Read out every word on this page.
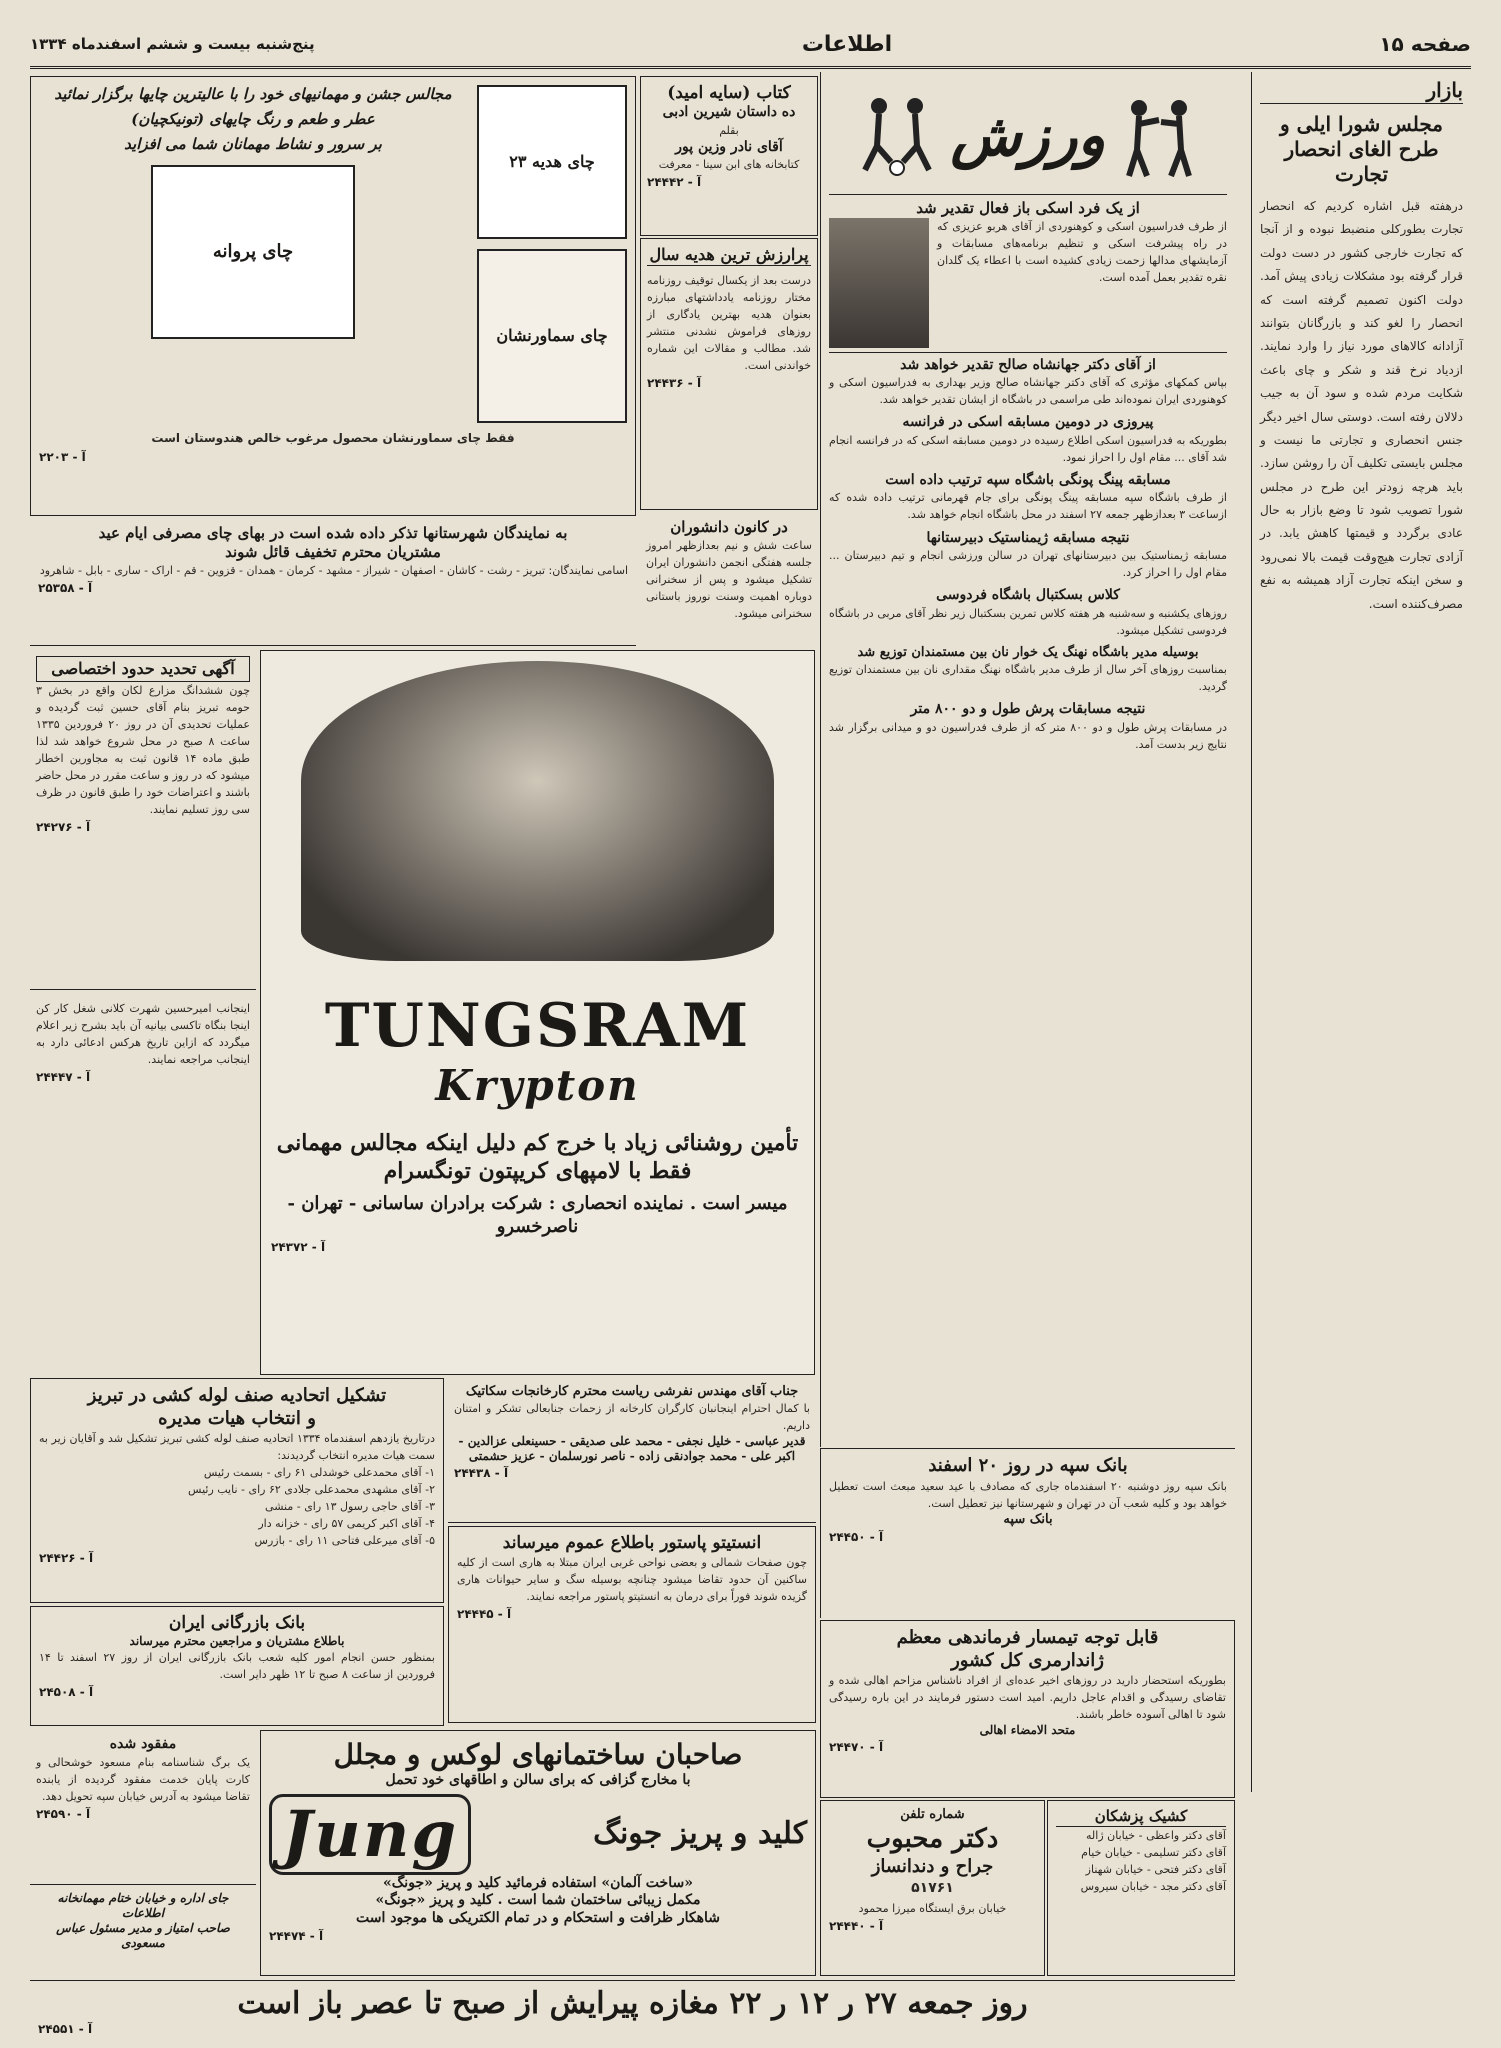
صفحه ۱۵
اطلاعات
پنج‌شنبه بیست و ششم اسفندماه ۱۳۳۴
بازار
مجلس شورا ایلی و طرح الغای انحصار تجارت
درهفته قبل اشاره کردیم که انحصار تجارت بطورکلی منضبط نبوده و از آنجا که تجارت خارجی کشور در دست دولت قرار گرفته بود مشکلات زیادی پیش آمد. دولت اکنون تصمیم گرفته است که انحصار را لغو کند و بازرگانان بتوانند آزادانه کالاهای مورد نیاز را وارد نمایند. ازدیاد نرخ قند و شکر و چای باعث شکایت مردم شده و سود آن به جیب دلالان رفته است. دوستی سال اخیر دیگر جنس انحصاری و تجارتی ما نیست و مجلس بایستی تکلیف آن را روشن سازد. باید هرچه زودتر این طرح در مجلس شورا تصویب شود تا وضع بازار به حال عادی برگردد و قیمتها کاهش یابد. در آزادی تجارت هیچ‌وقت قیمت بالا نمی‌رود و سخن اینکه تجارت آزاد همیشه به نفع مصرف‌کننده است.
ورزش
از یک فرد اسکی باز فعال تقدیر شد
از طرف فدراسیون اسکی و کوهنوردی از آقای هربو عزیزی که در راه پیشرفت اسکی و تنظیم برنامه‌های مسابقات و آزمایشهای مدالها زحمت زیادی کشیده است با اعطاء یک گلدان نقره تقدیر بعمل آمده است.
از آقای دکتر جهانشاه صالح تقدیر خواهد شد
بپاس کمکهای مؤثری که آقای دکتر جهانشاه صالح وزیر بهداری به فدراسیون اسکی و کوهنوردی ایران نموده‌اند طی مراسمی در باشگاه از ایشان تقدیر خواهد شد.
پیروزی در دومین مسابقه اسکی در فرانسه
بطوریکه به فدراسیون اسکی اطلاع رسیده در دومین مسابقه اسکی که در فرانسه انجام شد آقای ... مقام اول را احراز نمود.
مسابقه پینگ پونگی باشگاه سپه ترتیب داده است
از طرف باشگاه سپه مسابقه پینگ پونگی برای جام قهرمانی ترتیب داده شده که ازساعت ۳ بعدازظهر جمعه ۲۷ اسفند در محل باشگاه انجام خواهد شد.
نتیجه مسابقه ژیمناستیک دبیرستانها
مسابقه ژیمناستیک بین دبیرستانهای تهران در سالن ورزشی انجام و تیم دبیرستان ... مقام اول را احراز کرد.
کلاس بسکتبال باشگاه فردوسی
روزهای یکشنبه و سه‌شنبه هر هفته کلاس تمرین بسکتبال زیر نظر آقای مربی در باشگاه فردوسی تشکیل میشود.
بوسیله مدیر باشگاه نهنگ یک خوار نان بین مستمندان توزیع شد
بمناسبت روزهای آخر سال از طرف مدیر باشگاه نهنگ مقداری نان بین مستمندان توزیع گردید.
نتیجه مسابقات پرش طول و دو ۸۰۰ متر
در مسابقات پرش طول و دو ۸۰۰ متر که از طرف فدراسیون دو و میدانی برگزار شد نتایج زیر بدست آمد.
بانک سپه در روز ۲۰ اسفند
بانک سپه روز دوشنبه ۲۰ اسفندماه جاری که مصادف با عید سعید مبعث است تعطیل خواهد بود و کلیه شعب آن در تهران و شهرستانها نیز تعطیل است.
بانک سپه
آ - ۲۴۴۵۰
قابل توجه تیمسار فرماندهی معظم
ژاندارمری کل کشور
بطوریکه استحضار دارید در روزهای اخیر عده‌ای از افراد ناشناس مزاحم اهالی شده و تقاضای رسیدگی و اقدام عاجل داریم. امید است دستور فرمایند در این باره رسیدگی شود تا اهالی آسوده خاطر باشند.
متحد الامضاء اهالی
آ - ۲۴۴۷۰
شماره تلفن
دکتر محبوب
جراح و دندانساز
۵۱۷۶۱
خیابان برق ایستگاه میرزا محمود
آ - ۲۴۴۴۰
کشیک پزشکان
آقای دکتر واعظی - خیابان ژاله
آقای دکتر تسلیمی - خیابان خیام
آقای دکتر فتحی - خیابان شهناز
آقای دکتر مجد - خیابان سیروس
کتاب (سایه امید)
ده داستان شیرین ادبی
بقلم
آقای نادر وزین پور
کتابخانه های ابن سینا - معرفت
آ - ۲۴۴۴۲
پرارزش ترین هدیه سال
درست بعد از یکسال توقیف روزنامه مختار روزنامه یادداشتهای مبارزه بعنوان هدیه بهترین یادگاری از روزهای فراموش نشدنی منتشر شد. مطالب و مقالات این شماره خواندنی است.
آ - ۲۴۴۳۶
در کانون دانشوران
ساعت شش و نیم بعدازظهر امروز جلسه هفتگی انجمن دانشوران ایران تشکیل میشود و پس از سخنرانی دوباره اهمیت وسنت نوروز باستانی سخنرانی میشود.
چای هدیه ۲۳
چای سماورنشان
مجالس جشن و مهمانیهای خود را با عالیترین چایها برگزار نمائید
عطر و طعم و رنگ چایهای (تونیکچیان)
بر سرور و نشاط مهمانان شما می افزاید
چای پروانه
فقط چای سماورنشان محصول مرغوب خالص هندوستان است
آ - ۲۲۰۳
به نمایندگان شهرستانها تذکر داده شده است در بهای چای مصرفی ایام عید
مشتریان محترم تخفیف قائل شوند
اسامی نمایندگان: تبریز - رشت - کاشان - اصفهان - شیراز - مشهد - کرمان - همدان - قزوین - قم - اراک - ساری - بابل - شاهرود
آ - ۲۵۳۵۸
TUNGSRAM
Krypton
تأمین روشنائی زیاد با خرج کم دلیل اینکه مجالس مهمانی فقط با لامپهای کریپتون تونگسرام
میسر است . نماینده انحصاری : شرکت برادران ساسانی - تهران - ناصرخسرو
آ - ۲۴۳۷۲
آگهی تحدید حدود اختصاصی
چون ششدانگ مزارع لکان واقع در بخش ۳ حومه تبریز بنام آقای حسین ثبت گردیده و عملیات تحدیدی آن در روز ۲۰ فروردین ۱۳۳۵ ساعت ۸ صبح در محل شروع خواهد شد لذا طبق ماده ۱۴ قانون ثبت به مجاورین اخطار میشود که در روز و ساعت مقرر در محل حاضر باشند و اعتراضات خود را طبق قانون در ظرف سی روز تسلیم نمایند.
آ - ۲۴۲۷۶
اینجانب امیرحسین شهرت کلانی شغل کار کن اینجا بنگاه تاکسی بیانیه آن باید بشرح زیر اعلام میگردد که ازاین تاریخ هرکس ادعائی دارد به اینجانب مراجعه نمایند.
آ - ۲۴۴۴۷
تشکیل اتحادیه صنف لوله کشی در تبریز
و انتخاب هیات مدیره
درتاریخ یازدهم اسفندماه ۱۳۳۴ اتحادیه صنف لوله کشی تبریز تشکیل شد و آقایان زیر به سمت هیات مدیره انتخاب گردیدند:
۱- آقای محمدعلی خوشدلی ۶۱ رای - بسمت رئیس
۲- آقای مشهدی محمدعلی جلادی ۶۲ رای - نایب رئیس
۳- آقای حاجی رسول ۱۳ رای - منشی
۴- آقای اکبر کریمی ۵۷ رای - خزانه دار
۵- آقای میرعلی فتاحی ۱۱ رای - بازرس
آ - ۲۴۴۲۶
جناب آقای مهندس نفرشی ریاست محترم کارخانجات سکاتیک
با کمال احترام اینجانبان کارگران کارخانه از زحمات جنابعالی تشکر و امتنان داریم.
قدیر عباسی - خلیل نجفی - محمد علی صدیقی - حسینعلی عزالدین - اکبر علی - محمد جوادنقی زاده - ناصر نورسلمان - عزیز حشمتی
آ - ۲۴۴۳۸
انستیتو پاستور باطلاع عموم میرساند
چون صفحات شمالی و بعضی نواحی غربی ایران مبتلا به هاری است از کلیه ساکنین آن حدود تقاضا میشود چنانچه بوسیله سگ و سایر حیوانات هاری گزیده شوند فوراً برای درمان به انستیتو پاستور مراجعه نمایند.
آ - ۲۴۴۴۵
بانک بازرگانی ایران
باطلاع مشتریان و مراجعین محترم میرساند
بمنظور حسن انجام امور کلیه شعب بانک بازرگانی ایران از روز ۲۷ اسفند تا ۱۴ فروردین از ساعت ۸ صبح تا ۱۲ ظهر دایر است.
آ - ۲۴۵۰۸
مفقود شده
یک برگ شناسنامه بنام مسعود خوشحالی و کارت پایان خدمت مفقود گردیده از یابنده تقاضا میشود به آدرس خیابان سپه تحویل دهد.
آ - ۲۴۵۹۰
جای اداره و خیابان ختام مهمانخانه اطلاعات
صاحب امتیاز و مدیر مسئول عباس مسعودی
صاحبان ساختمانهای لوکس و مجلل
با مخارج گزافی که برای سالن و اطاقهای خود تحمل
کلید و پریز جونگ
Jung
«ساخت آلمان» استفاده فرمائید کلید و پریز «جونگ»
مکمل زیبائی ساختمان شما است . کلید و پریز «جونگ»
شاهکار ظرافت و استحکام و در تمام الکتریکی ها موجود است
آ - ۲۴۴۷۴
روز جمعه ۲۷ ر ۱۲ ر ۲۲ مغازه پیرایش از صبح تا عصر باز است
آ - ۲۴۵۵۱
